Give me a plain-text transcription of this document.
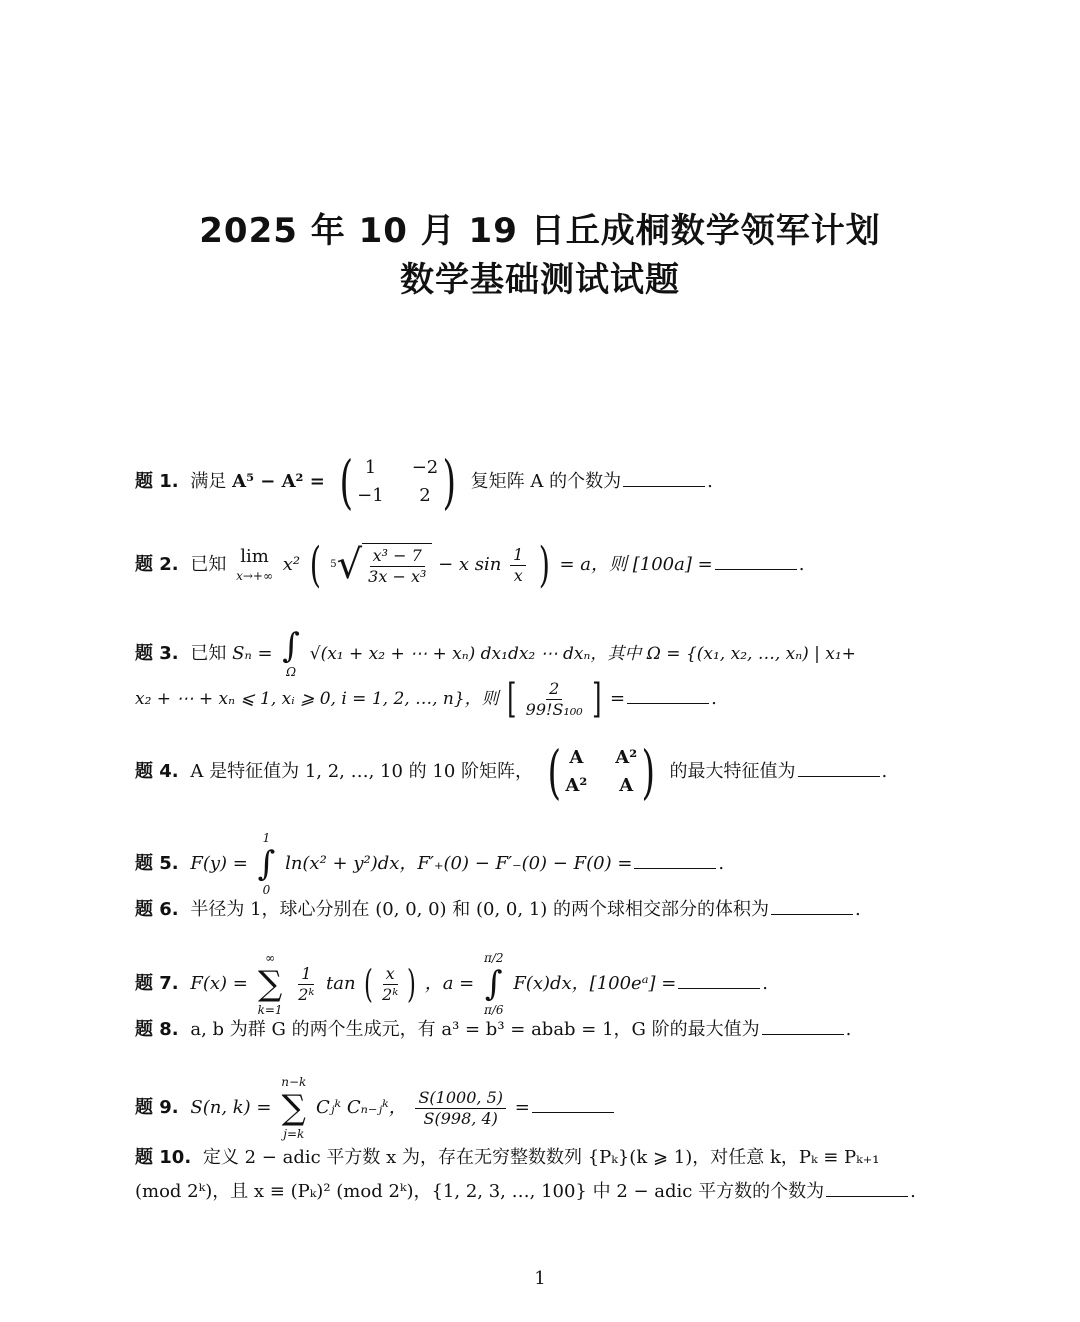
2025 年 10 月 19 日丘成桐数学领军计划
数学基础测试试题
题 1. 满足 A⁵ − A² = ( 1	−2
−1	2 ) 复矩阵 A 的个数为	.
题 2. 已知 lim
x→+∞
x² ( 5 √ $\frac{\text{x³ − 7}}{\text{3x − x³}} - x$ $\sin \frac{1}{x}$ ) = a，则 [100a] =	.
题 3. 已知 Sₙ = ∫
Ω
√(x₁ + x₂ + ⋯ + xₙ) dx₁dx₂ ⋯ dxₙ，其中 Ω = {(x₁, x₂, …, xₙ) | x₁+
x₂ + ⋯ + xₙ ⩽ 1, xᵢ ⩾ 0, i = 1, 2, …, n}，则 [ $\frac{2}{\text{99!S₁₀₀}}$ ] =	.
题 4. A 是特征值为 1, 2, …, 10 的 10 阶矩阵， ( A A²
A² A ) 的最大特征值为	.
题 5. F(y) =
1
∫
0
ln(x² + y²)dx，F′₊(0) − F′₋(0) − F(0) =	.
题 6. 半径为 1，球心分别在 (0, 0, 0) 和 (0, 0, 1) 的两个球相交部分的体积为	.
题 7. F(x) =
∞
∑
k=1

$\frac{1}{\text{2ᵏ}}$ tan ( $\frac{x}{\text{2ᵏ}}$ ) ，a =
π/2
∫
π/6
F(x)dx，[100eᵃ] =	.
题 8. a, b 为群 G 的两个生成元，有 a³ = b³ = abab = 1，G 阶的最大值为	.
题 9. S(n, k) =
n−k
∑
j=k
Cⱼᵏ Cₙ₋ⱼᵏ， $\frac{S(1000, 5)}{S(998, 4)}$ =
题 10. 定义 2 − adic 平方数 x 为，存在无穷整数数列 {Pₖ}(k ⩾ 1)，对任意 k，Pₖ ≡ Pₖ₊₁
(mod 2ᵏ)，且 x ≡ (Pₖ)² (mod 2ᵏ)，{1, 2, 3, …, 100} 中 2 − adic 平方数的个数为	.
1
